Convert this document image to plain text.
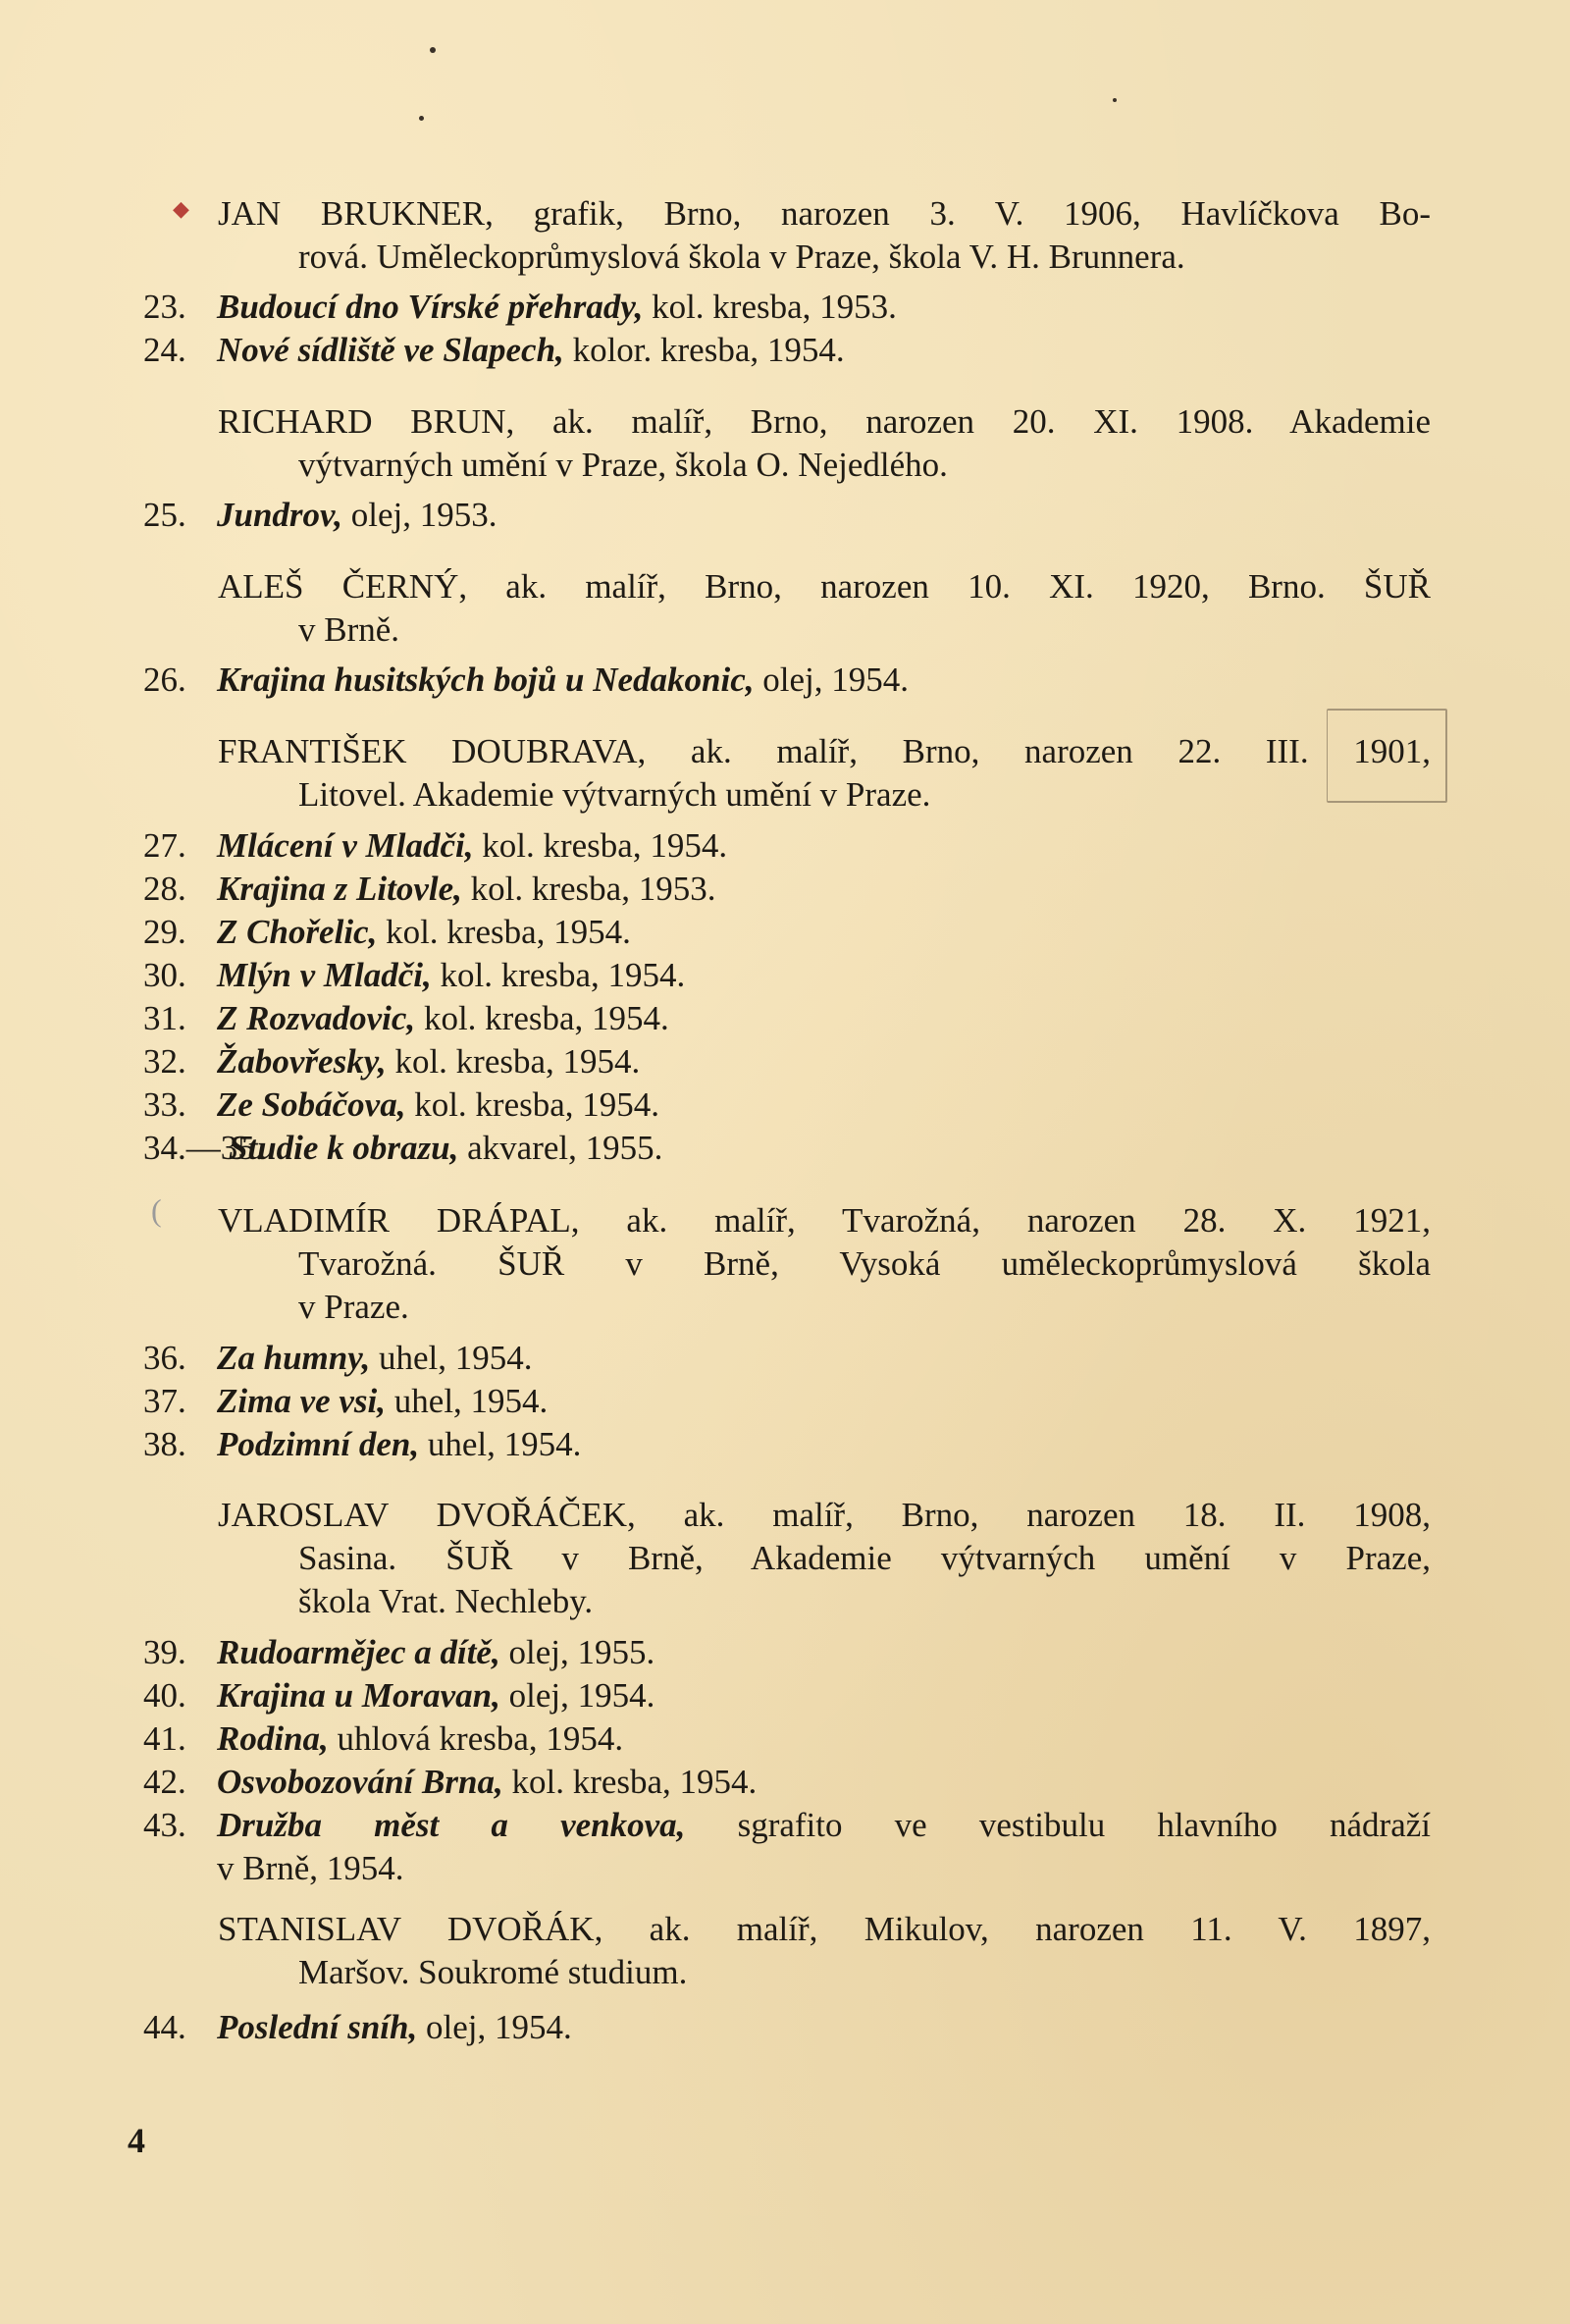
◆
(
JAN BRUKNER, grafik, Brno, narozen 3. V. 1906, Havlíčkova Bo-
rová. Uměleckoprůmyslová škola v Praze, škola V. H. Brunnera.
23. Budoucí dno Vírské přehrady, kol. kresba, 1953.
24. Nové sídliště ve Slapech, kolor. kresba, 1954.
RICHARD BRUN, ak. malíř, Brno, narozen 20. XI. 1908. Akademie
výtvarných umění v Praze, škola O. Nejedlého.
25. Jundrov, olej, 1953.
ALEŠ ČERNÝ, ak. malíř, Brno, narozen 10. XI. 1920, Brno. ŠUŘ
v Brně.
26. Krajina husitských bojů u Nedakonic, olej, 1954.
FRANTIŠEK DOUBRAVA, ak. malíř, Brno, narozen 22. III. 1901,
Litovel. Akademie výtvarných umění v Praze.
27. Mlácení v Mladči, kol. kresba, 1954.
28. Krajina z Litovle, kol. kresba, 1953.
29. Z Chořelic, kol. kresba, 1954.
30. Mlýn v Mladči, kol. kresba, 1954.
31. Z Rozvadovic, kol. kresba, 1954.
32. Žabovřesky, kol. kresba, 1954.
33. Ze Sobáčova, kol. kresba, 1954.
34.—35.Studie k obrazu, akvarel, 1955.
VLADIMÍR DRÁPAL, ak. malíř, Tvarožná, narozen 28. X. 1921,
Tvarožná. ŠUŘ v Brně, Vysoká uměleckoprůmyslová škola
v Praze.
36. Za humny, uhel, 1954.
37. Zima ve vsi, uhel, 1954.
38. Podzimní den, uhel, 1954.
JAROSLAV DVOŘÁČEK, ak. malíř, Brno, narozen 18. II. 1908,
Sasina. ŠUŘ v Brně, Akademie výtvarných umění v Praze,
škola Vrat. Nechleby.
39. Rudoarmějec a dítě, olej, 1955.
40. Krajina u Moravan, olej, 1954.
41. Rodina, uhlová kresba, 1954.
42. Osvobozování Brna, kol. kresba, 1954.
43. Družba měst a venkova, sgrafito ve vestibulu hlavního nádraží
v Brně, 1954.
STANISLAV DVOŘÁK, ak. malíř, Mikulov, narozen 11. V. 1897,
Maršov. Soukromé studium.
44. Poslední sníh, olej, 1954.
4
